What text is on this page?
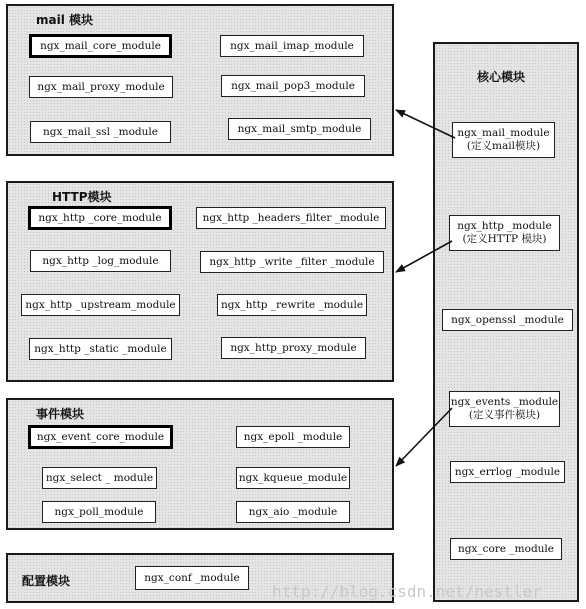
mail 模块
ngx_mail_core_module	ngx_mail_imap_module
ngx_mail_proxy_module	ngx_mail_pop3_module
ngx_mail_ssl _module	ngx_mail_smtp_module
HTTP模块
ngx_http _core_module	ngx_http _headers_filter _module
ngx_http _log_module	ngx_http _write _filter _module
ngx_http _upstream_module	ngx_http _rewrite _module
ngx_http _static _module	ngx_http_proxy_module
事件模块
ngx_event_core_module	ngx_epoll _module
ngx_select _ module	ngx_kqueue_module
ngx_poll_module	ngx_aio _module
配置模块	ngx_conf _module
核心模块
ngx_mail_module
(定义mail模块)
ngx_http _module
(定义HTTP 模块)
ngx_openssl _module
ngx_events _module
(定义事件模块)
ngx_errlog _module
ngx_core _module
http://blog.csdn.net/nestler
